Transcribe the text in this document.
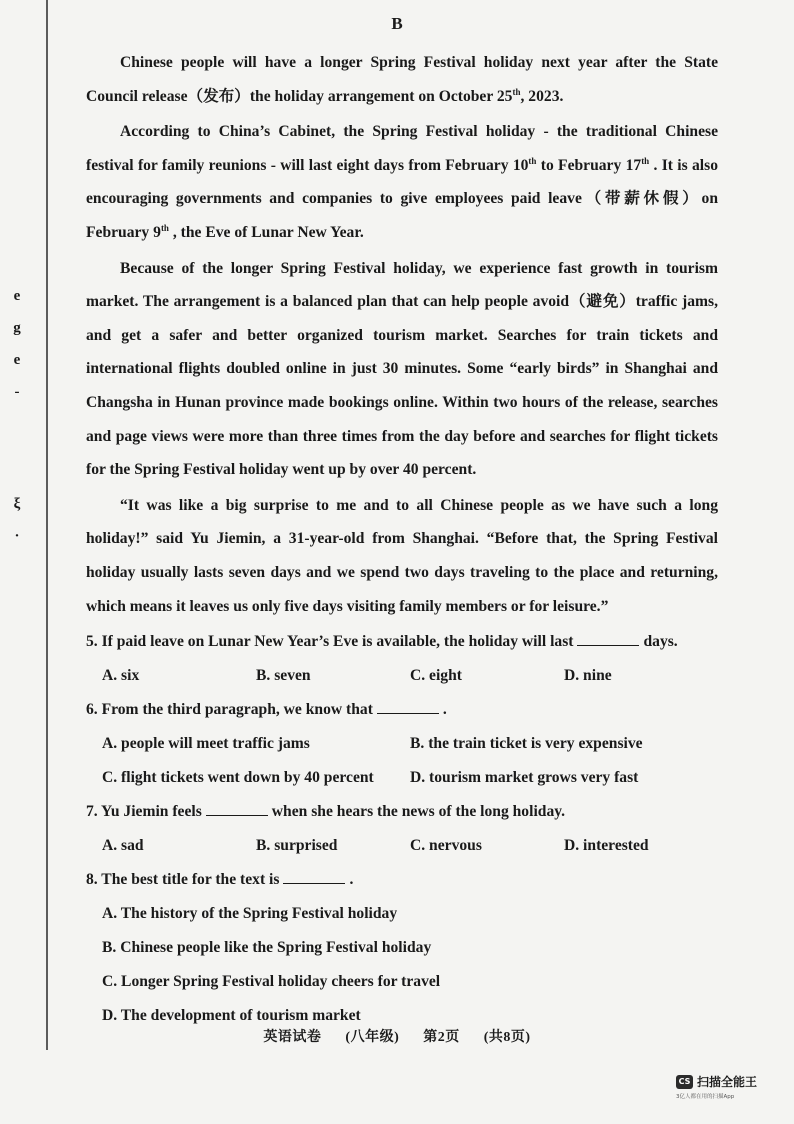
e
g
e
-
ξ
·
B

Chinese people will have a longer Spring Festival holiday next year after the State Council release（发布）the holiday arrangement on October 25th, 2023.

According to China’s Cabinet, the Spring Festival holiday - the traditional Chinese festival for family reunions - will last eight days from February 10th to February 17th . It is also encouraging governments and companies to give employees paid leave（带薪休假）on February 9th , the Eve of Lunar New Year.

Because of the longer Spring Festival holiday, we experience fast growth in tourism market. The arrangement is a balanced plan that can help people avoid（避免）traffic jams, and get a safer and better organized tourism market. Searches for train tickets and international flights doubled online in just 30 minutes. Some “early birds” in Shanghai and Changsha in Hunan province made bookings online. Within two hours of the release, searches and page views were more than three times from the day before and searches for flight tickets for the Spring Festival holiday went up by over 40 percent.

“It was like a big surprise to me and to all Chinese people as we have such a long holiday!” said Yu Jiemin, a 31-year-old from Shanghai. “Before that, the Spring Festival holiday usually lasts seven days and we spend two days traveling to the place and returning, which means it leaves us only five days visiting family members or for leisure.”

5. If paid leave on Lunar New Year’s Eve is available, the holiday will last	days.

A. six	B. seven	C. eight	D. nine

6. From the third paragraph, we know that	.

A. people will meet traffic jams	B. the train ticket is very expensive
C. flight tickets went down by 40 percent	D. tourism market grows very fast

7. Yu Jiemin feels	when she hears the news of the long holiday.

A. sad	B. surprised	C. nervous	D. interested

8. The best title for the text is	.

A. The history of the Spring Festival holiday
B. Chinese people like the Spring Festival holiday
C. Longer Spring Festival holiday cheers for travel
D. The development of tourism market
英语试卷 (八年级) 第2页 (共8页)
CS 扫描全能王
3亿人都在用的扫描App
